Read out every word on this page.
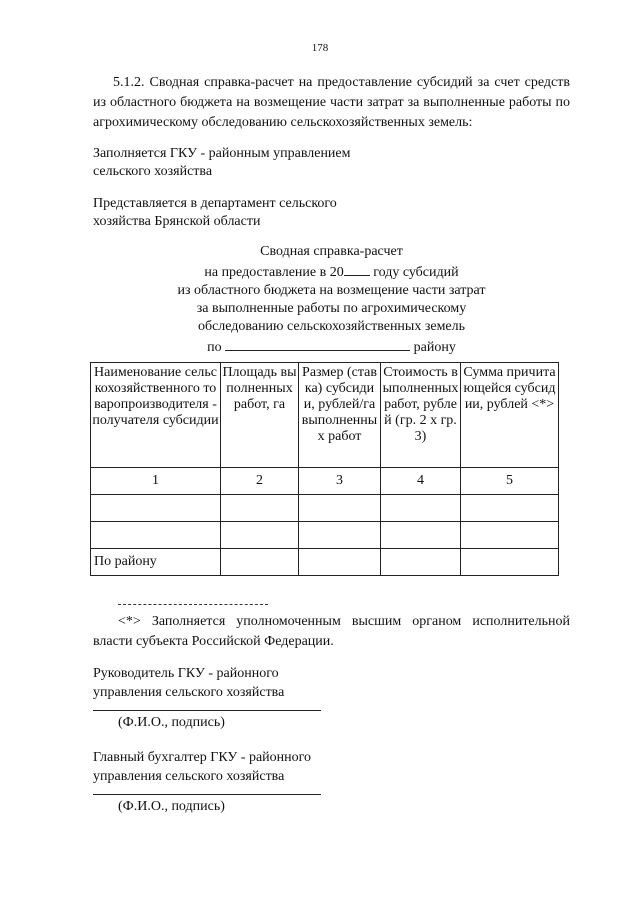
178
5.1.2. Сводная справка-расчет на предоставление субсидий за счет средств из областного бюджета на возмещение части затрат за выполненные работы по агрохимическому обследованию сельскохозяйственных земель:
Заполняется ГКУ - районным управлением
сельского хозяйства
Представляется в департамент сельского
хозяйства Брянской области
Сводная справка-расчет
на предоставление в 20 году субсидий
из областного бюджета на возмещение части затрат
за выполненные работы по агрохимическому
обследованию сельскохозяйственных земель
по	району
Наименование сельскохозяйственного товаропроизводителя - получателя субсидии	Площадь выполненных работ, га	Размер (ставка) субсидии, рублей/га выполненных работ	Стоимость выполненных работ, рублей (гр. 2 х гр. 3)	Сумма причитающейся субсидии, рублей <*>
1	2	3	4	5

По району				
<*> Заполняется уполномоченным высшим органом исполнительной власти субъекта Российской Федерации.
Руководитель ГКУ - районного
управления сельского хозяйства
(Ф.И.О., подпись)
Главный бухгалтер ГКУ - районного
управления сельского хозяйства
(Ф.И.О., подпись)
